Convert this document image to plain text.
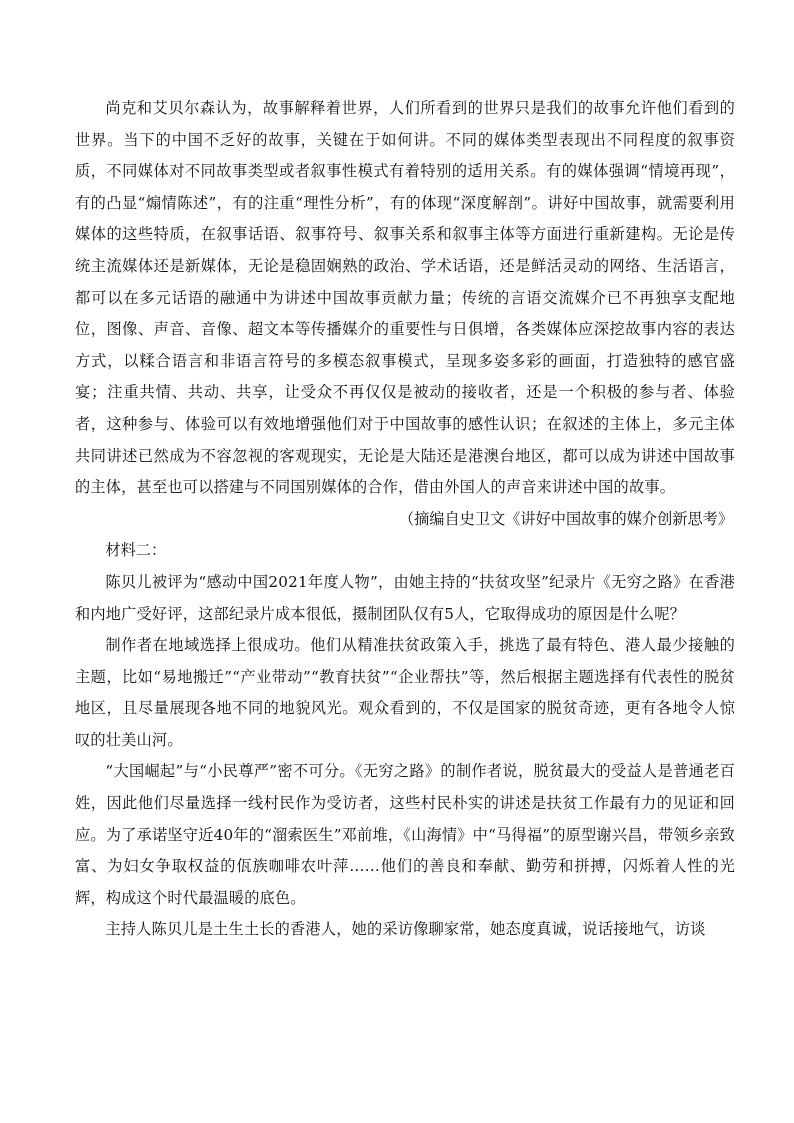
尚克和艾贝尔森认为，故事解释着世界，人们所看到的世界只是我们的故事允许他们看到的世界。当下的中国不乏好的故事，关键在于如何讲。不同的媒体类型表现出不同程度的叙事资质，不同媒体对不同故事类型或者叙事性模式有着特别的适用关系。有的媒体强调“情境再现”，有的凸显“煽情陈述”，有的注重“理性分析”，有的体现“深度解剖”。讲好中国故事，就需要利用媒体的这些特质，在叙事话语、叙事符号、叙事关系和叙事主体等方面进行重新建构。无论是传统主流媒体还是新媒体，无论是稳固娴熟的政治、学术话语，还是鲜活灵动的网络、生活语言，都可以在多元话语的融通中为讲述中国故事贡献力量；传统的言语交流媒介已不再独享支配地位，图像、声音、音像、超文本等传播媒介的重要性与日俱增，各类媒体应深挖故事内容的表达方式，以糅合语言和非语言符号的多模态叙事模式，呈现多姿多彩的画面，打造独特的感官盛宴；注重共情、共动、共享，让受众不再仅仅是被动的接收者，还是一个积极的参与者、体验者，这种参与、体验可以有效地增强他们对于中国故事的感性认识；在叙述的主体上，多元主体共同讲述已然成为不容忽视的客观现实，无论是大陆还是港澳台地区，都可以成为讲述中国故事的主体，甚至也可以搭建与不同国别媒体的合作，借由外国人的声音来讲述中国的故事。

（摘编自史卫文《讲好中国故事的媒介创新思考》

材料二：

陈贝儿被评为“感动中国2021年度人物”，由她主持的“扶贫攻坚”纪录片《无穷之路》在香港和内地广受好评，这部纪录片成本很低，摄制团队仅有5人，它取得成功的原因是什么呢？

制作者在地域选择上很成功。他们从精准扶贫政策入手，挑选了最有特色、港人最少接触的主题，比如“易地搬迁”“产业带动”“教育扶贫”“企业帮扶”等，然后根据主题选择有代表性的脱贫地区，且尽量展现各地不同的地貌风光。观众看到的，不仅是国家的脱贫奇迹，更有各地令人惊叹的壮美山河。

“大国崛起”与“小民尊严”密不可分。《无穷之路》的制作者说，脱贫最大的受益人是普通老百姓，因此他们尽量选择一线村民作为受访者，这些村民朴实的讲述是扶贫工作最有力的见证和回应。为了承诺坚守近40年的“溜索医生”邓前堆，《山海情》中“马得福”的原型谢兴昌，带领乡亲致富、为妇女争取权益的佤族咖啡农叶萍……他们的善良和奉献、勤劳和拼搏，闪烁着人性的光辉，构成这个时代最温暖的底色。

主持人陈贝儿是土生土长的香港人，她的采访像聊家常，她态度真诚，说话接地气，访谈
